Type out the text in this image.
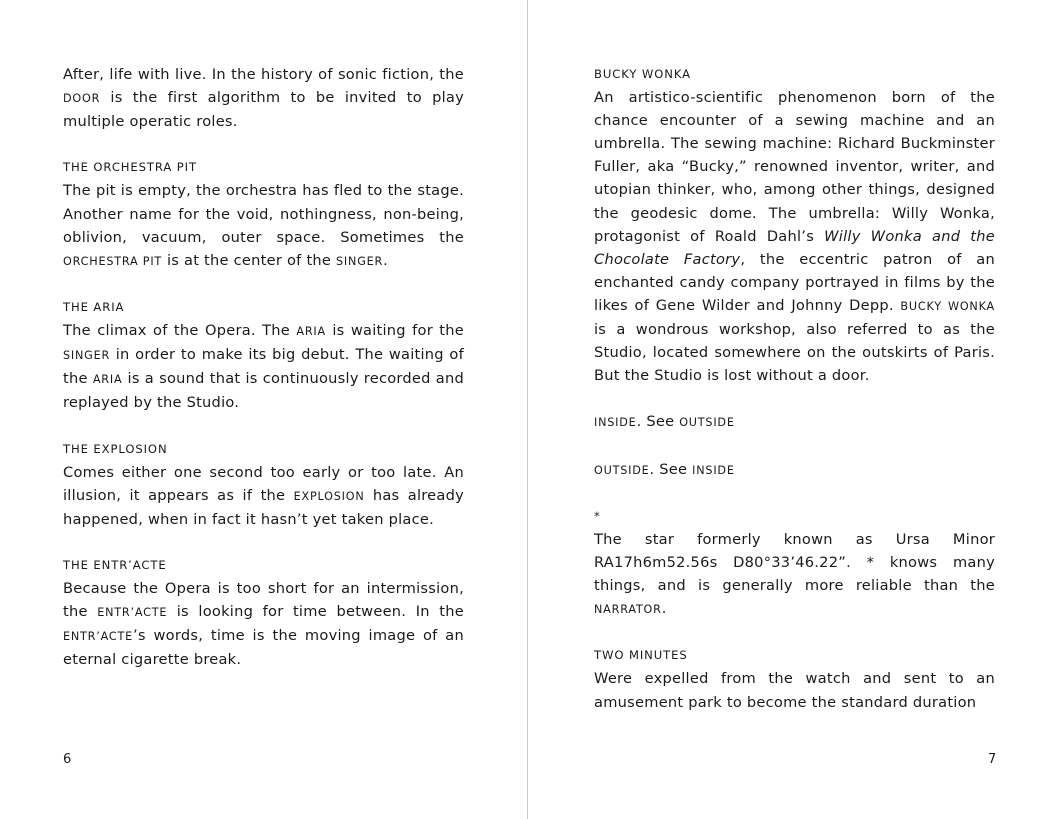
After, life with live. In the history of sonic fiction, the DOOR is the first algorithm to be invited to play multiple operatic roles.

THE ORCHESTRA PIT

The pit is empty, the orchestra has fled to the stage. Another name for the void, nothingness, non-being, oblivion, vacuum, outer space. Sometimes the ORCHESTRA PIT is at the center of the SINGER.

THE ARIA

The climax of the Opera. The ARIA is waiting for the SINGER in order to make its big debut. The waiting of the ARIA is a sound that is continuously recorded and replayed by the Studio.

THE EXPLOSION

Comes either one second too early or too late. An illusion, it appears as if the EXPLOSION has already happened, when in fact it hasn’t yet taken place.

THE ENTR’ACTE

Because the Opera is too short for an intermission, the ENTR’ACTE is looking for time between. In the ENTR’ACTE’s words, time is the moving image of an eternal cigarette break.

6
BUCKY WONKA

An artistico-scientific phenomenon born of the chance encounter of a sewing machine and an umbrella. The sewing machine: Richard Buckminster Fuller, aka “Bucky,” renowned inventor, writer, and utopian thinker, who, among other things, designed the geodesic dome. The umbrella: Willy Wonka, protagonist of Roald Dahl’s Willy Wonka and the Chocolate Factory, the eccentric patron of an enchanted candy company portrayed in films by the likes of Gene Wilder and Johnny Depp. BUCKY WONKA is a wondrous workshop, also referred to as the Studio, located somewhere on the outskirts of Paris. But the Studio is lost without a door.

INSIDE. See OUTSIDE

OUTSIDE. See INSIDE

*

The star formerly known as Ursa Minor RA17h6m52.56s D80°33’46.22”. * knows many things, and is generally more reliable than the NARRATOR.

TWO MINUTES

Were expelled from the watch and sent to an amusement park to become the standard duration

7
